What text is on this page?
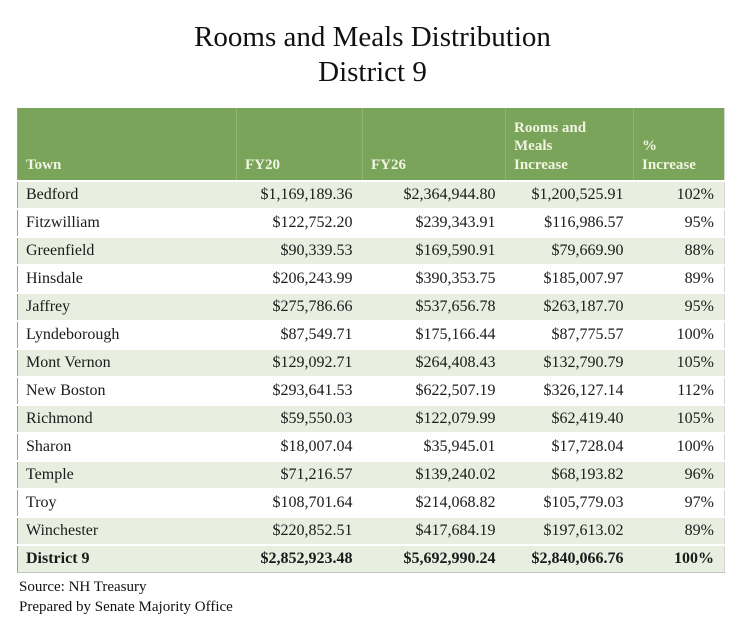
Rooms and Meals Distribution
District 9
Town	FY20	FY26	Rooms and Meals Increase	% Increase
Bedford	$1,169,189.36	$2,364,944.80	$1,200,525.91	102%
Fitzwilliam	$122,752.20	$239,343.91	$116,986.57	95%
Greenfield	$90,339.53	$169,590.91	$79,669.90	88%
Hinsdale	$206,243.99	$390,353.75	$185,007.97	89%
Jaffrey	$275,786.66	$537,656.78	$263,187.70	95%
Lyndeborough	$87,549.71	$175,166.44	$87,775.57	100%
Mont Vernon	$129,092.71	$264,408.43	$132,790.79	105%
New Boston	$293,641.53	$622,507.19	$326,127.14	112%
Richmond	$59,550.03	$122,079.99	$62,419.40	105%
Sharon	$18,007.04	$35,945.01	$17,728.04	100%
Temple	$71,216.57	$139,240.02	$68,193.82	96%
Troy	$108,701.64	$214,068.82	$105,779.03	97%
Winchester	$220,852.51	$417,684.19	$197,613.02	89%
District 9	$2,852,923.48	$5,692,990.24	$2,840,066.76	100%
Source: NH Treasury
Prepared by Senate Majority Office
